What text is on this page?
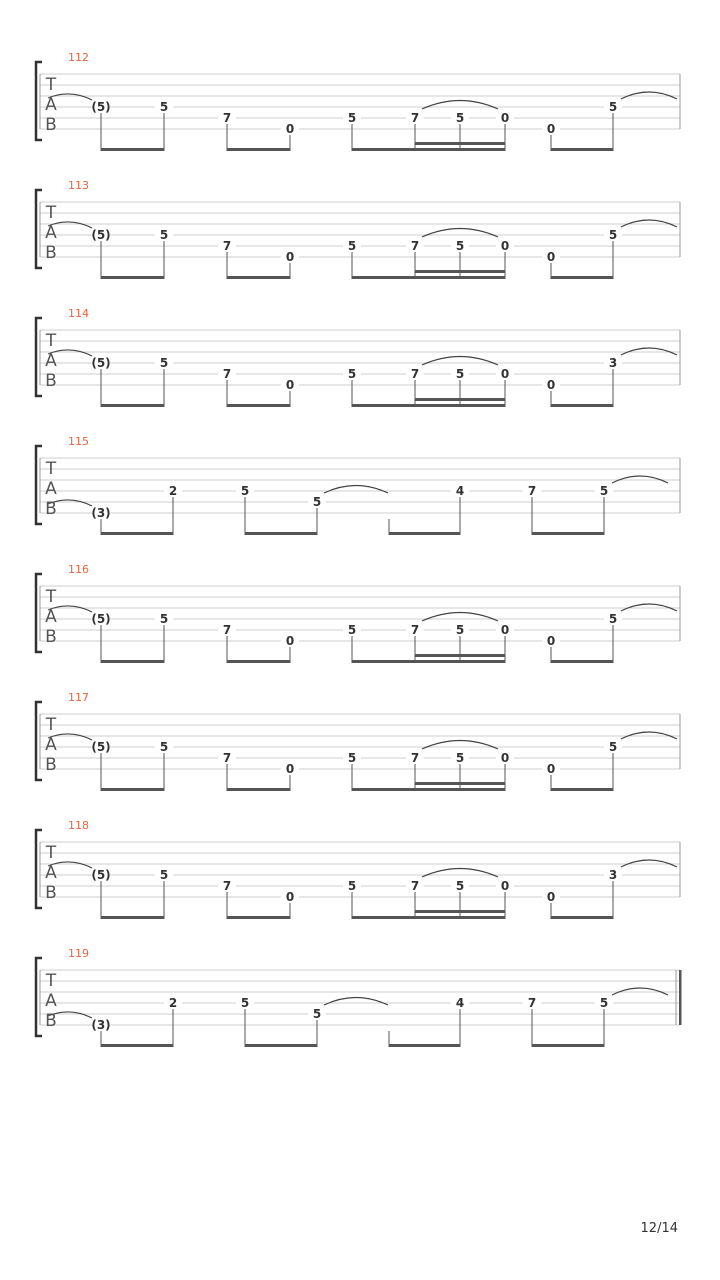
112
T
A
B
(5)	5
7
0
5	7	5	0
0
5
113
T
A
B
(5)	5
7
0
5	7	5	0
0
5
114
T
A
B
(5)	5
7
0
5	7	5	0
0
3
115
T
A
B	(3)
2	5
5
4	7	5
116
T
A
B
(5)	5
7
0
5	7	5	0
0
5
117
T
A
B
(5)	5
7
0
5	7	5	0
0
5
118
T
A
B
(5)	5
7
0
5	7	5	0
0
3
119
T
A
B	(3)
2	5
5
4	7	5
12/14
